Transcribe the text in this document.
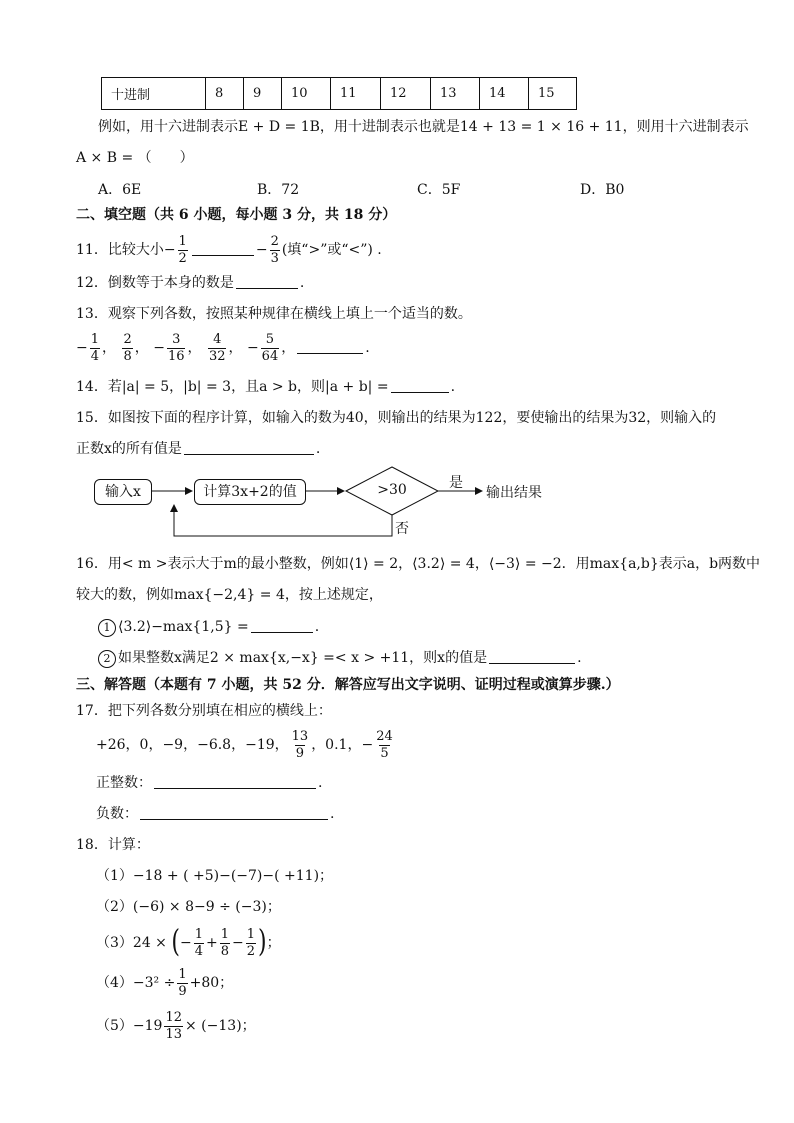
十进制	8	9	10	11	12	13	14	15
例如，用十六进制表示E + D = 1B，用十进制表示也就是14 + 13 = 1 × 16 + 11，则用十六进制表示
A × B = （　　）
A．6E	B．72	C．5F	D．B0
二、填空题（共 6 小题，每小题 3 分，共 18 分）
11．比较大小− $\frac{1}{2}$	− $\frac{2}{3}$ (填“>”或“<”) .
12．倒数等于本身的数是	.
13．观察下列各数，按照某种规律在横线上填上一个适当的数。
− $\frac{1}{4}$ ， $\frac{2}{8}$ ， − $\frac{3}{16}$ ， $\frac{4}{32}$ ， − $\frac{5}{64}$ ，	.
14．若|a| = 5，|b| = 3，且a > b，则|a + b| =	.
15．如图按下面的程序计算，如输入的数为40，则输出的结果为122，要使输出的结果为32，则输入的
正数x的所有值是	.
输入x	计算3x+2的值	>30	是
否
输出结果
16．用< m >表示大于m的最小整数，例如⟨1⟩ = 2，⟨3.2⟩ = 4，⟨−3⟩ = −2．用max{a,b}表示a，b两数中
较大的数，例如max{−2,4} = 4，按上述规定，
1 ⟨3.2⟩−max{1,5} =	.
2 如果整数x满足2 × max{x,−x} =< x > +11，则x的值是	.
三、解答题（本题有 7 小题，共 52 分．解答应写出文字说明、证明过程或演算步骤.）
17．把下列各数分别填在相应的横线上：
+26，0，−9，−6.8，−19， $\frac{13}{9}$ ，0.1，− $\frac{24}{5}$
正整数：	.
负数：	.
18．计算：
（1）−18 + ( +5)−(−7)−( +11)；
（2）(−6) × 8−9 ÷ (−3)；
（3）24 × (− $\frac{1}{4} + \frac{1}{8} - \frac{1}{2}$ )；
$(4)-3^2 \div \frac{1}{9} +80$；
$(5)-19 \frac{12}{13} \times (-13)$；
